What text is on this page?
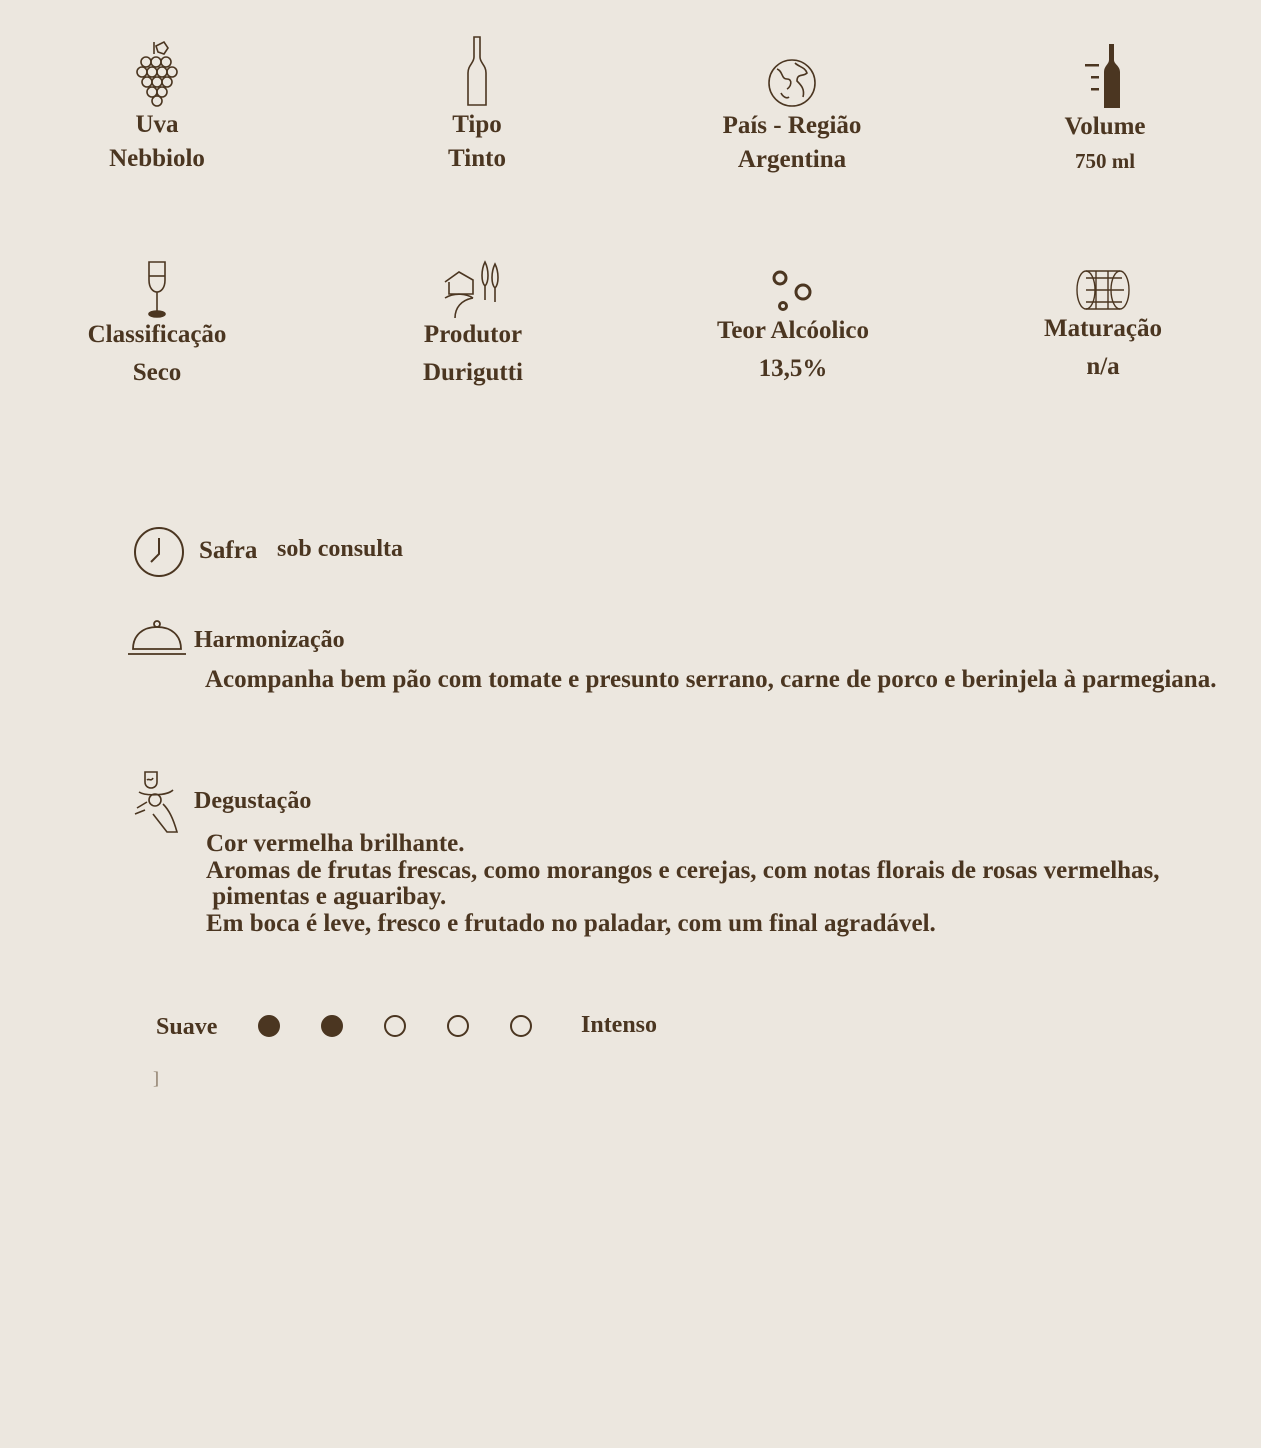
Uva
Nebbiolo
Tipo
Tinto
País - Região
Argentina
Volume
750 ml
Classificação
Seco
Produtor
Durigutti
Teor Alcóolico
13,5%
Maturação
n/a
Safra sob consulta
Harmonização
Acompanha bem pão com tomate e presunto serrano, carne de porco e berinjela à parmegiana.
Degustação
Cor vermelha brilhante.
Aromas de frutas frescas, como morangos e cerejas, com notas florais de rosas vermelhas,
pimentas e aguaribay.
Em boca é leve, fresco e frutado no paladar, com um final agradável.
Suave	Intenso
]
